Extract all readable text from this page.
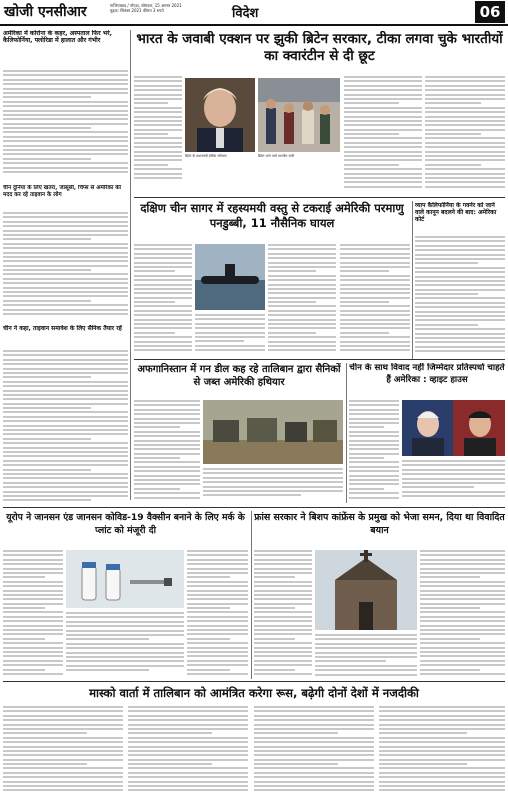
खोजी एनसीआर	गाजियाबाद / नोएडा, सोमवार, 15 अगस्त 2021
मुद्रक: सितंबर 2021 कीमत 3 रुपये	विदेश	06
अमेरिका में कोरोना के कहर, अस्पताल फिर भरे, कैलिफोर्निया, फ्लोरिडा में हालात और गंभीर
चीन दुनिया के लिए खतरा, जासूसी, चिप्स से अमेरिका की मदद कर रहे ताइवान के लोग
चीन ने कहा, ताइवान समावेश के लिए सैनिक तैयार रहें
भारत के जवाबी एक्शन पर झुकी ब्रिटेन सरकार, टीका लगवा चुके भारतीयों का क्वारंटीन से दी छूट
ब्रिटेन के प्रधानमंत्री बोरिस जॉनसन	ब्रिटेन जाने वाले भारतीय यात्री
दक्षिण चीन सागर में रहस्यमयी वस्तु से टकराई अमेरिकी परमाणु पनडुब्बी, 11 नौसैनिक घायल
व्याप कैलिफोर्निया के गवर्नर को जाने वाले कानून बदलने की बाद: अमेरिका कोर्ट
अफगानिस्तान में गन डील कह रहे तालिबान द्वारा सैनिकों से जब्त अमेरिकी हथियार
चीन के साथ विवाद नहीं जिम्मेदार प्रतिस्पर्धा चाहते हैं अमेरिका : व्हाइट हाउस
यूरोप ने जानसन एंड जानसन कोविड-19 वैक्सीन बनाने के लिए मर्क के प्लांट को मंजूरी दी
फ्रांस सरकार ने बिशप कांफ्रेंस के प्रमुख को भेजा समन, दिया था विवादित बयान
मास्को वार्ता में तालिबान को आमंत्रित करेगा रूस, बढ़ेगी दोनों देशों में नजदीकी
